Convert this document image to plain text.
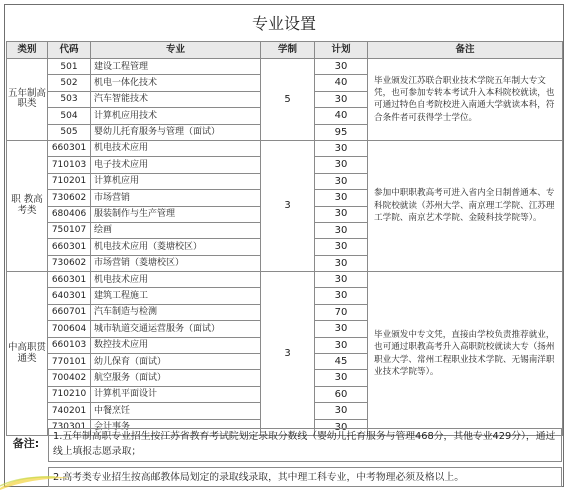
专业设置
类别	代码	专业	学制	计划	备注
五年制高职类	501	建设工程管理	5	30	毕业颁发江苏联合职业技术学院五年制大专文凭，也可参加专转本考试升入本科院校就读，也可通过特色自考院校进入南通大学就读本科，符合条件者可获得学士学位。
	502	机电一体化技术		40	
	503	汽车智能技术		30	
	504	计算机应用技术		40	
	505	婴幼儿托育服务与管理（面试）		95	
职 教高考类	660301	机电技术应用	3	30	参加中职职教高考可进入省内全日制普通本、专科院校就读（苏州大学、南京理工学院、江苏理工学院、南京艺术学院、金陵科技学院等）。
	710103	电子技术应用		30	
	710201	计算机应用		30	
	730602	市场营销		30	
	680406	服装制作与生产管理		30	
	750107	绘画		30	
	660301	机电技术应用（菱塘校区）		30	
	730602	市场营销（菱塘校区）		30	
中高职贯通类	660301	机电技术应用	3	30	毕业颁发中专文凭，直接由学校负责推荐就业，也可通过职教高考升入高职院校就读大专（扬州职业大学、常州工程职业技术学院、无锡南洋职业技术学院等）。
	640301	建筑工程施工		30	
	660701	汽车制造与检测		70	
	700604	城市轨道交通运营服务（面试）		30	
	660103	数控技术应用		30	
	770101	幼儿保育（面试）		45	
	700402	航空服务（面试）		30	
	710210	计算机平面设计		60	
	740201	中餐烹饪		30	
	730301	会计事务		30	
备注:
1.五年制高职专业招生按江苏省教育考试院划定录取分数线（婴幼儿托育服务与管理468分，其他专业429分），通过线上填报志愿录取；
2.高考类专业招生按高邮教体局划定的录取线录取，其中理工科专业，中考物理必须及格以上。
